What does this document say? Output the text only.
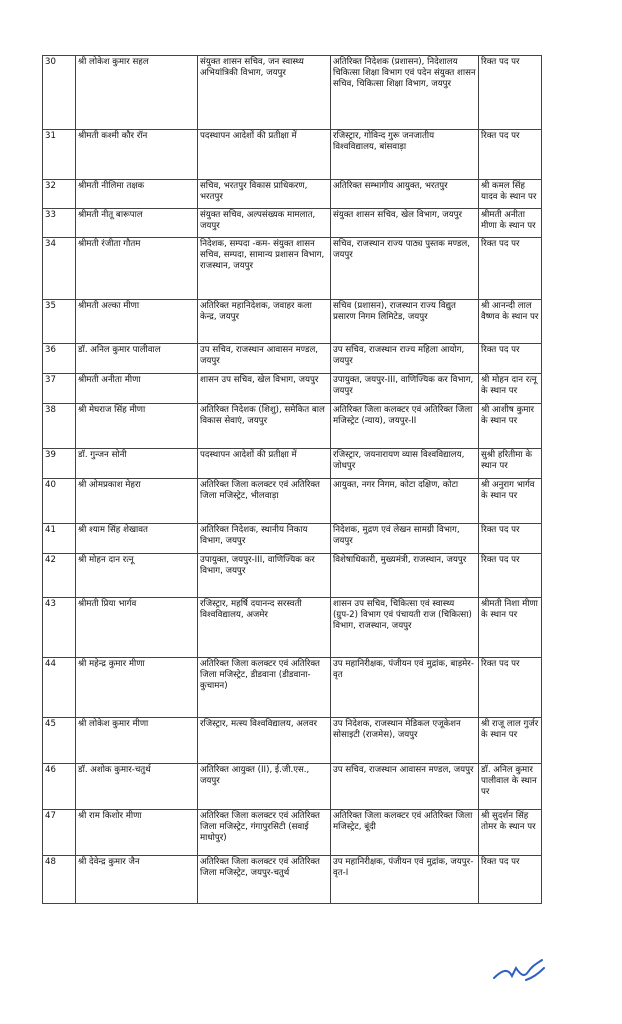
30	श्री लोकेश कुमार सहल	संयुक्त शासन सचिव, जन स्वास्थ्य अभियांत्रिकी विभाग, जयपुर	अतिरिक्त निदेशक (प्रशासन), निदेशालय चिकित्सा शिक्षा विभाग एवं पदेन संयुक्त शासन सचिव, चिकित्सा शिक्षा विभाग, जयपुर	रिक्त पद पर
31	श्रीमती कश्मी कौर रॉन	पदस्थापन आदेशों की प्रतीक्षा में	रजिस्ट्रार, गोविन्द गुरू जनजातीय विश्वविद्यालय, बांसवाड़ा	रिक्त पद पर
32	श्रीमती नीलिमा तक्षक	सचिव, भरतपुर विकास प्राधिकरण, भरतपुर	अतिरिक्त सम्भागीय आयुक्त, भरतपुर	श्री कमल सिंह यादव के स्थान पर
33	श्रीमती नीतू बारूपाल	संयुक्त सचिव, अल्पसंख्यक मामलात, जयपुर	संयुक्त शासन सचिव, खेल विभाग, जयपुर	श्रीमती अनीता मीणा के स्थान पर
34	श्रीमती रंजीता गौतम	निदेशक, सम्पदा -कम- संयुक्त शासन सचिव, सम्पदा, सामान्य प्रशासन विभाग, राजस्थान, जयपुर	सचिव, राजस्थान राज्य पाठ्य पुस्तक मण्डल, जयपुर	रिक्त पद पर
35	श्रीमती अल्का मीणा	अतिरिक्त महानिदेशक, जवाहर कला केन्द्र, जयपुर	सचिव (प्रशासन), राजस्थान राज्य विद्युत प्रसारण निगम लिमिटेड, जयपुर	श्री आनन्दी लाल वैष्णव के स्थान पर
36	डॉ. अनिल कुमार पालीवाल	उप सचिव, राजस्थान आवासन मण्डल, जयपुर	उप सचिव, राजस्थान राज्य महिला आयोग, जयपुर	रिक्त पद पर
37	श्रीमती अनीता मीणा	शासन उप सचिव, खेल विभाग, जयपुर	उपायुक्त, जयपुर-III, वाणिज्यिक कर विभाग, जयपुर	श्री मोहन दान रत्नू के स्थान पर
38	श्री मेघराज सिंह मीणा	अतिरिक्त निदेशक (शिशु), समेकित बाल विकास सेवाएं, जयपुर	अतिरिक्त जिला कलक्टर एवं अतिरिक्त जिला मजिस्ट्रेट (न्याय), जयपुर-II	श्री आशीष कुमार के स्थान पर
39	डॉ. गुन्जन सोनी	पदस्थापन आदेशों की प्रतीक्षा में	रजिस्ट्रार, जयनारायण व्यास विश्वविद्यालय, जोधपुर	सुश्री हरितीमा के स्थान पर
40	श्री ओमप्रकाश मेहरा	अतिरिक्त जिला कलक्टर एवं अतिरिक्त जिला मजिस्ट्रेट, भीलवाड़ा	आयुक्त, नगर निगम, कोटा दक्षिण, कोटा	श्री अनुराग भार्गव के स्थान पर
41	श्री श्याम सिंह शेखावत	अतिरिक्त निदेशक, स्थानीय निकाय विभाग, जयपुर	निदेशक, मुद्रण एवं लेखन सामग्री विभाग, जयपुर	रिक्त पद पर
42	श्री मोहन दान रत्नू	उपायुक्त, जयपुर-III, वाणिज्यिक कर विभाग, जयपुर	विशेषाधिकारी, मुख्यमंत्री, राजस्थान, जयपुर	रिक्त पद पर
43	श्रीमती प्रिया भार्गव	रजिस्ट्रार, महर्षि दयानन्द सरस्वती विश्वविद्यालय, अजमेर	शासन उप सचिव, चिकित्सा एवं स्वास्थ्य (ग्रुप-2) विभाग एवं पंचायती राज (चिकित्सा) विभाग, राजस्थान, जयपुर	श्रीमती निशा मीणा के स्थान पर
44	श्री महेन्द्र कुमार मीणा	अतिरिक्त जिला कलक्टर एवं अतिरिक्त जिला मजिस्ट्रेट, डीडवाना (डीडवाना-कुचामन)	उप महानिरीक्षक, पंजीयन एवं मुद्रांक, बाड़मेर-वृत	रिक्त पद पर
45	श्री लोकेश कुमार मीणा	रजिस्ट्रार, मत्स्य विश्वविद्यालय, अलवर	उप निदेशक, राजस्थान मेडिकल एजूकेशन सोसाइटी (राजमेस), जयपुर	श्री राजू लाल गुर्जर के स्थान पर
46	डॉ. अशोक कुमार-चतुर्थ	अतिरिक्त आयुक्त (II), ई.जी.एस., जयपुर	उप सचिव, राजस्थान आवासन मण्डल, जयपुर	डॉ. अनिल कुमार पालीवाल के स्थान पर
47	श्री राम किशोर मीणा	अतिरिक्त जिला कलक्टर एवं अतिरिक्त जिला मजिस्ट्रेट, गंगापुरसिटी (सवाई माधोपुर)	अतिरिक्त जिला कलक्टर एवं अतिरिक्त जिला मजिस्ट्रेट, बूंदी	श्री सुदर्शन सिंह तोमर के स्थान पर
48	श्री देवेन्द्र कुमार जैन	अतिरिक्त जिला कलक्टर एवं अतिरिक्त जिला मजिस्ट्रेट, जयपुर-चतुर्थ	उप महानिरीक्षक, पंजीयन एवं मुद्रांक, जयपुर-वृत-I	रिक्त पद पर
